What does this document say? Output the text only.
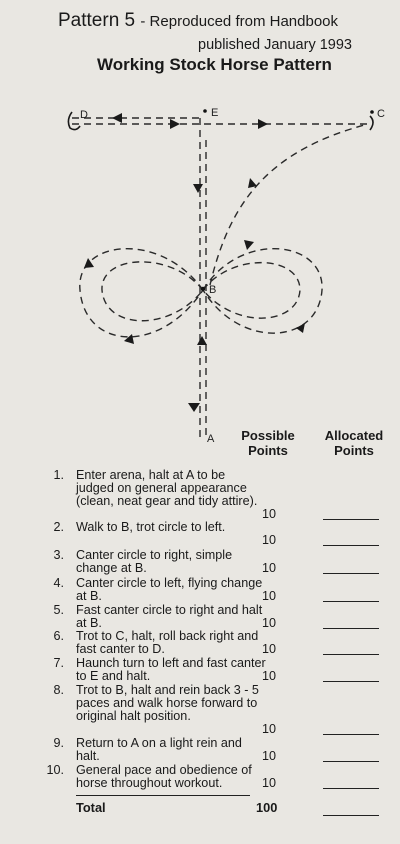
Pattern 5 - Reproduced from Handbook
published January 1993
Working Stock Horse Pattern
B
E	C
D
A	Possible Points
Allocated Points
1. Enter arena, halt at A to be judged on general appearance (clean, neat gear and tidy attire).
10
2. Walk to B, trot circle to left.
10
3. Canter circle to right, simple change at B.	10
4. Canter circle to left, flying change at B.	10
5. Fast canter circle to right and halt at B.	10
6. Trot to C, halt, roll back right and fast canter to D.	10
7. Haunch turn to left and fast canter to E and halt.	10
8. Trot to B, halt and rein back 3 - 5 paces and walk horse forward to original halt position.
10
9. Return to A on a light rein and halt.	10
10. General pace and obedience of horse throughout workout.	10
Total	100
